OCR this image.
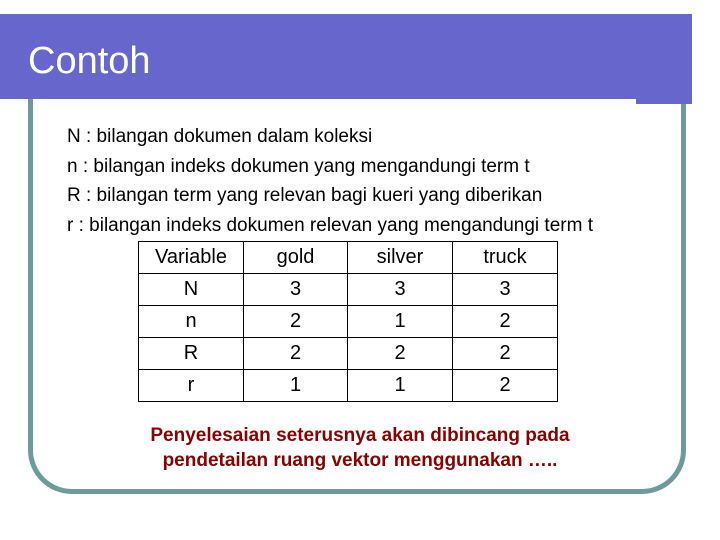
Contoh
N : bilangan dokumen dalam koleksi
n : bilangan indeks dokumen yang mengandungi term t
R : bilangan term yang relevan bagi kueri yang diberikan
r : bilangan indeks dokumen relevan yang mengandungi term t
Variable	gold	silver	truck
N	3	3	3
n	2	1	2
R	2	2	2
r	1	1	2
Penyelesaian seterusnya akan dibincang pada
pendetailan ruang vektor menggunakan …..
